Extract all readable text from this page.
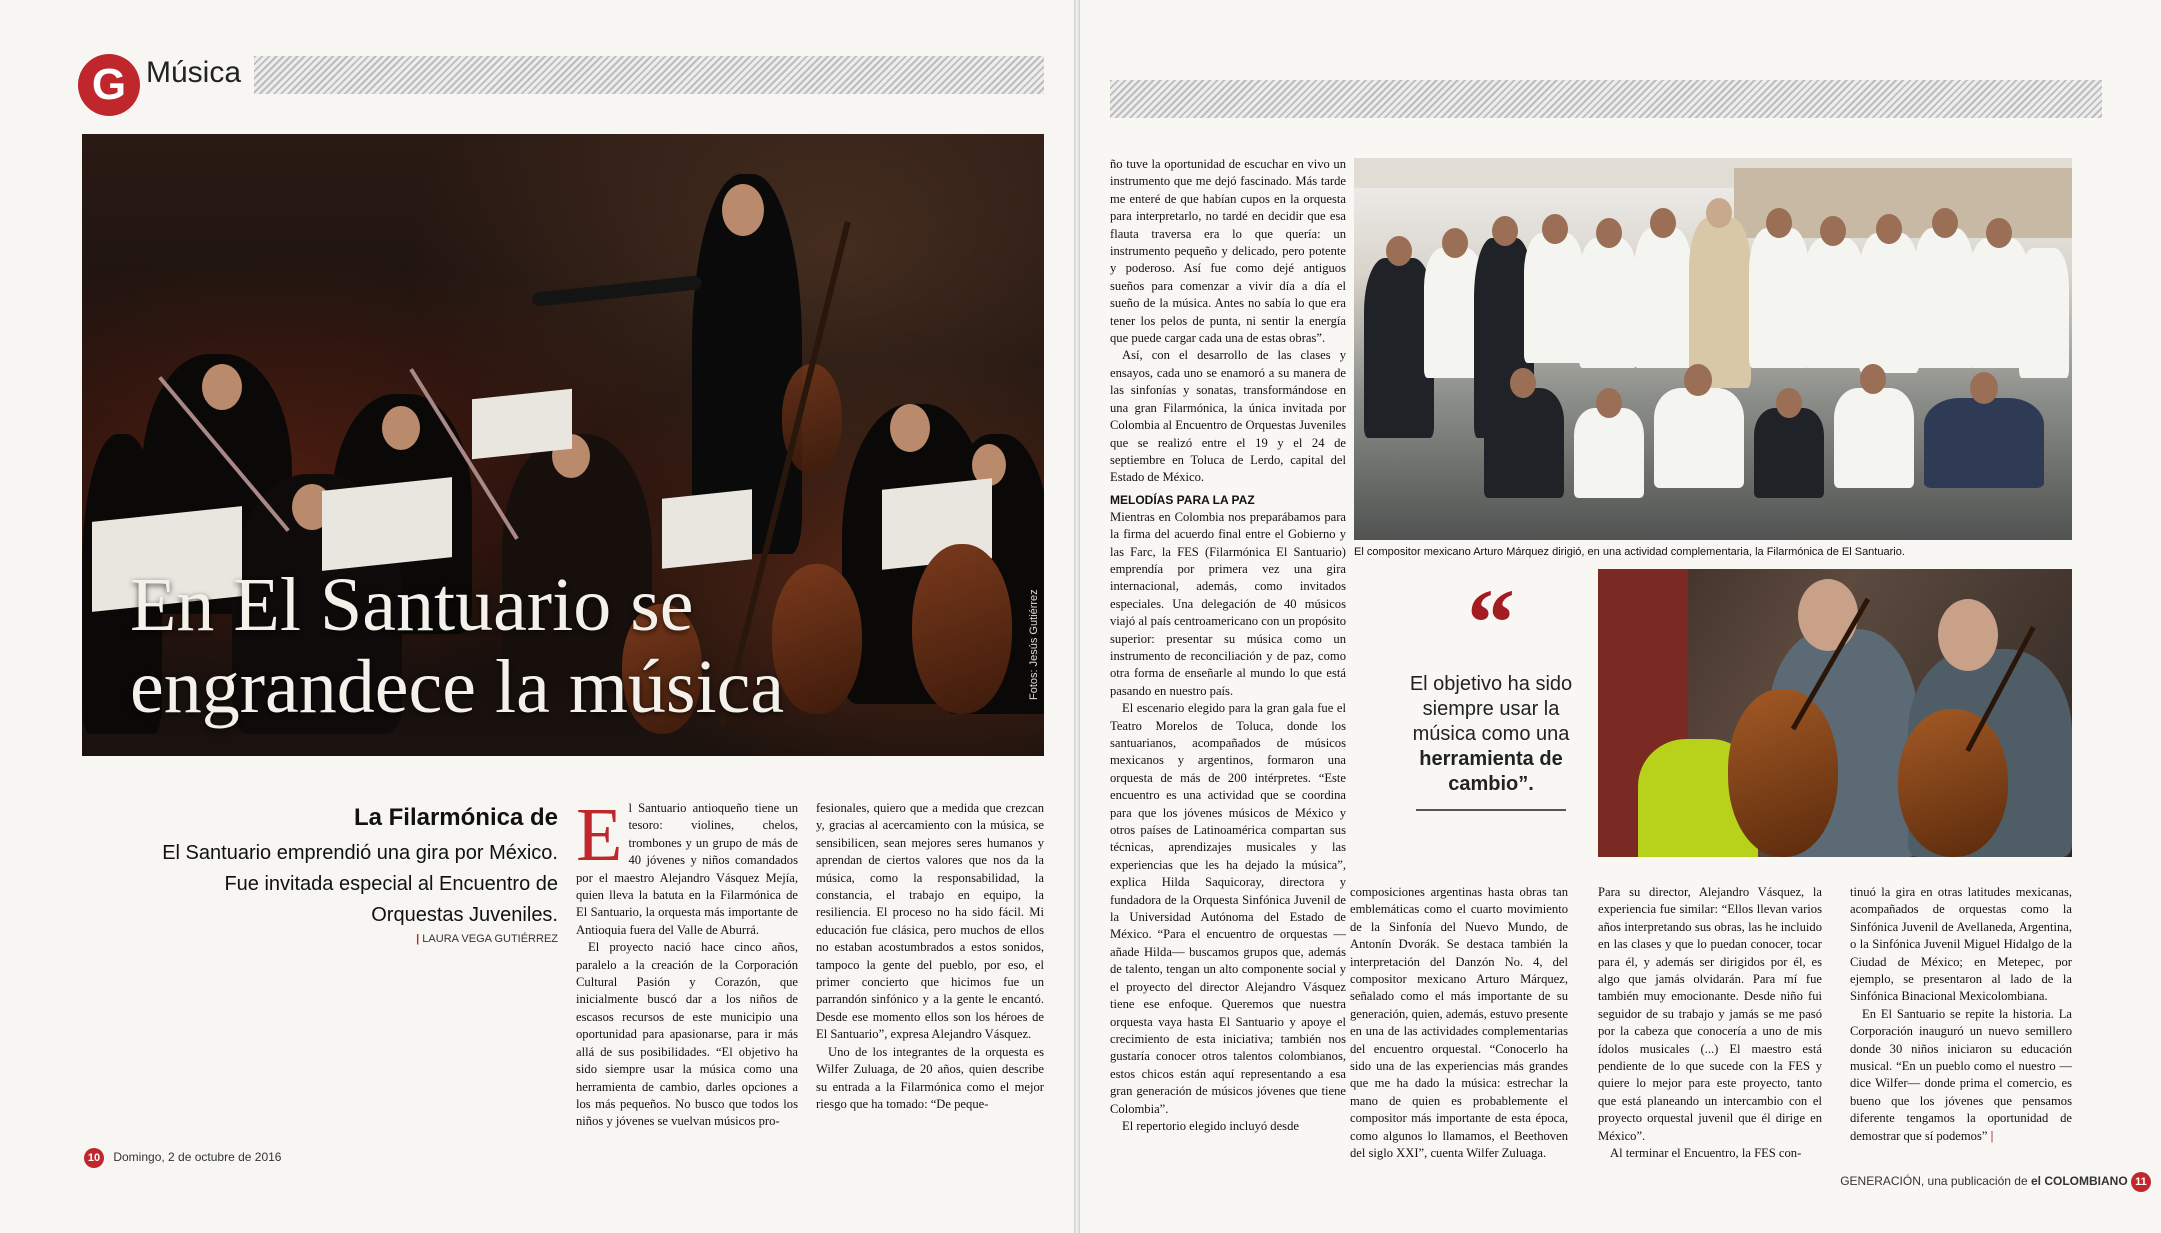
G Música
En El Santuario se engrandece la música
La Filarmónica de
El Santuario emprendió una gira por México. Fue invitada especial al Encuentro de Orquestas Juveniles.
| LAURA VEGA GUTIÉRREZ

El Santuario antioqueño tiene un tesoro: violines, chelos, trombones y un grupo de más de 40 jóvenes y niños comandados por el maestro Alejandro Vásquez Mejía, quien lleva la batuta en la Filarmónica de El Santuario, la orquesta más importante de Antioquia fuera del Valle de Aburrá.

El proyecto nació hace cinco años, paralelo a la creación de la Corporación Cultural Pasión y Corazón, que inicialmente buscó dar a los niños de escasos recursos de este municipio una oportunidad para apasionarse, para ir más allá de sus posibilidades. “El objetivo ha sido siempre usar la música como una herramienta de cambio, darles opciones a los más pequeños. No busco que todos los niños y jóvenes se vuelvan músicos pro-

fesionales, quiero que a medida que crezcan y, gracias al acercamiento con la música, se sensibilicen, sean mejores seres humanos y aprendan de ciertos valores que nos da la música, como la responsabilidad, la constancia, el trabajo en equipo, la resiliencia. El proceso no ha sido fácil. Mi educación fue clásica, pero muchos de ellos no estaban acostumbrados a estos sonidos, tampoco la gente del pueblo, por eso, el primer concierto que hicimos fue un parrandón sinfónico y a la gente le encantó. Desde ese momento ellos son los héroes de El Santuario”, expresa Alejandro Vásquez.

Uno de los integrantes de la orquesta es Wilfer Zuluaga, de 20 años, quien describe su entrada a la Filarmónica como el mejor riesgo que ha tomado: “De peque-

10 Domingo, 2 de octubre de 2016

ño tuve la oportunidad de escuchar en vivo un instrumento que me dejó fascinado. Más tarde me enteré de que habían cupos en la orquesta para interpretarlo, no tardé en decidir que esa flauta traversa era lo que quería: un instrumento pequeño y delicado, pero potente y poderoso. Así fue como dejé antiguos sueños para comenzar a vivir día a día el sueño de la música. Antes no sabía lo que era tener los pelos de punta, ni sentir la energía que puede cargar cada una de estas obras”.

Así, con el desarrollo de las clases y ensayos, cada uno se enamoró a su manera de las sinfonías y sonatas, transformándose en una gran Filarmónica, la única invitada por Colombia al Encuentro de Orquestas Juveniles que se realizó entre el 19 y el 24 de septiembre en Toluca de Lerdo, capital del Estado de México.

MELODÍAS PARA LA PAZ

Mientras en Colombia nos preparábamos para la firma del acuerdo final entre el Gobierno y las Farc, la FES (Filarmónica El Santuario) emprendía por primera vez una gira internacional, además, como invitados especiales. Una delegación de 40 músicos viajó al país centroamericano con un propósito superior: presentar su música como un instrumento de reconciliación y de paz, como otra forma de enseñarle al mundo lo que está pasando en nuestro país.

El escenario elegido para la gran gala fue el Teatro Morelos de Toluca, donde los santuarianos, acompañados de músicos mexicanos y argentinos, formaron una orquesta de más de 200 intérpretes. “Este encuentro es una actividad que se coordina para que los jóvenes músicos de México y otros países de Latinoamérica compartan sus técnicas, aprendizajes musicales y las experiencias que les ha dejado la música”, explica Hilda Saquicoray, directora y fundadora de la Orquesta Sinfónica Juvenil de la Universidad Autónoma del Estado de México. “Para el encuentro de orquestas —añade Hilda— buscamos grupos que, además de talento, tengan un alto componente social y el proyecto del director Alejandro Vásquez tiene ese enfoque. Queremos que nuestra orquesta vaya hasta El Santuario y apoye el crecimiento de esta iniciativa; también nos gustaría conocer otros talentos colombianos, estos chicos están aquí representando a esa gran generación de músicos jóvenes que tiene Colombia”.

El repertorio elegido incluyó desde

El compositor mexicano Arturo Márquez dirigió, en una actividad complementaria, la Filarmónica de El Santuario.
“
El objetivo ha sido siempre usar la música como una
herramienta de cambio”.

composiciones argentinas hasta obras tan emblemáticas como el cuarto movimiento de la Sinfonía del Nuevo Mundo, de Antonín Dvorák. Se destaca también la interpretación del Danzón No. 4, del compositor mexicano Arturo Márquez, señalado como el más importante de su generación, quien, además, estuvo presente en una de las actividades complementarias del encuentro orquestal. “Conocerlo ha sido una de las experiencias más grandes que me ha dado la música: estrechar la mano de quien es probablemente el compositor más importante de esta época, como algunos lo llamamos, el Beethoven del siglo XXI”, cuenta Wilfer Zuluaga.

Para su director, Alejandro Vásquez, la experiencia fue similar: “Ellos llevan varios años interpretando sus obras, las he incluido en las clases y que lo puedan conocer, tocar para él, y además ser dirigidos por él, es algo que jamás olvidarán. Para mí fue también muy emocionante. Desde niño fui seguidor de su trabajo y jamás se me pasó por la cabeza que conocería a uno de mis ídolos musicales (...) El maestro está pendiente de lo que sucede con la FES y quiere lo mejor para este proyecto, tanto que está planeando un intercambio con el proyecto orquestal juvenil que él dirige en México”.

Al terminar el Encuentro, la FES con-

tinuó la gira en otras latitudes mexicanas, acompañados de orquestas como la Sinfónica Juvenil de Avellaneda, Argentina, o la Sinfónica Juvenil Miguel Hidalgo de la Ciudad de México; en Metepec, por ejemplo, se presentaron al lado de la Sinfónica Binacional Mexicolombiana.

En El Santuario se repite la historia. La Corporación inauguró un nuevo semillero donde 30 niños iniciaron su educación musical. “En un pueblo como el nuestro —dice Wilfer— donde prima el comercio, es bueno que los jóvenes que pensamos diferente tengamos la oportunidad de demostrar que sí podemos” |

GENERACIÓN, una publicación de el COLOMBIANO 11
